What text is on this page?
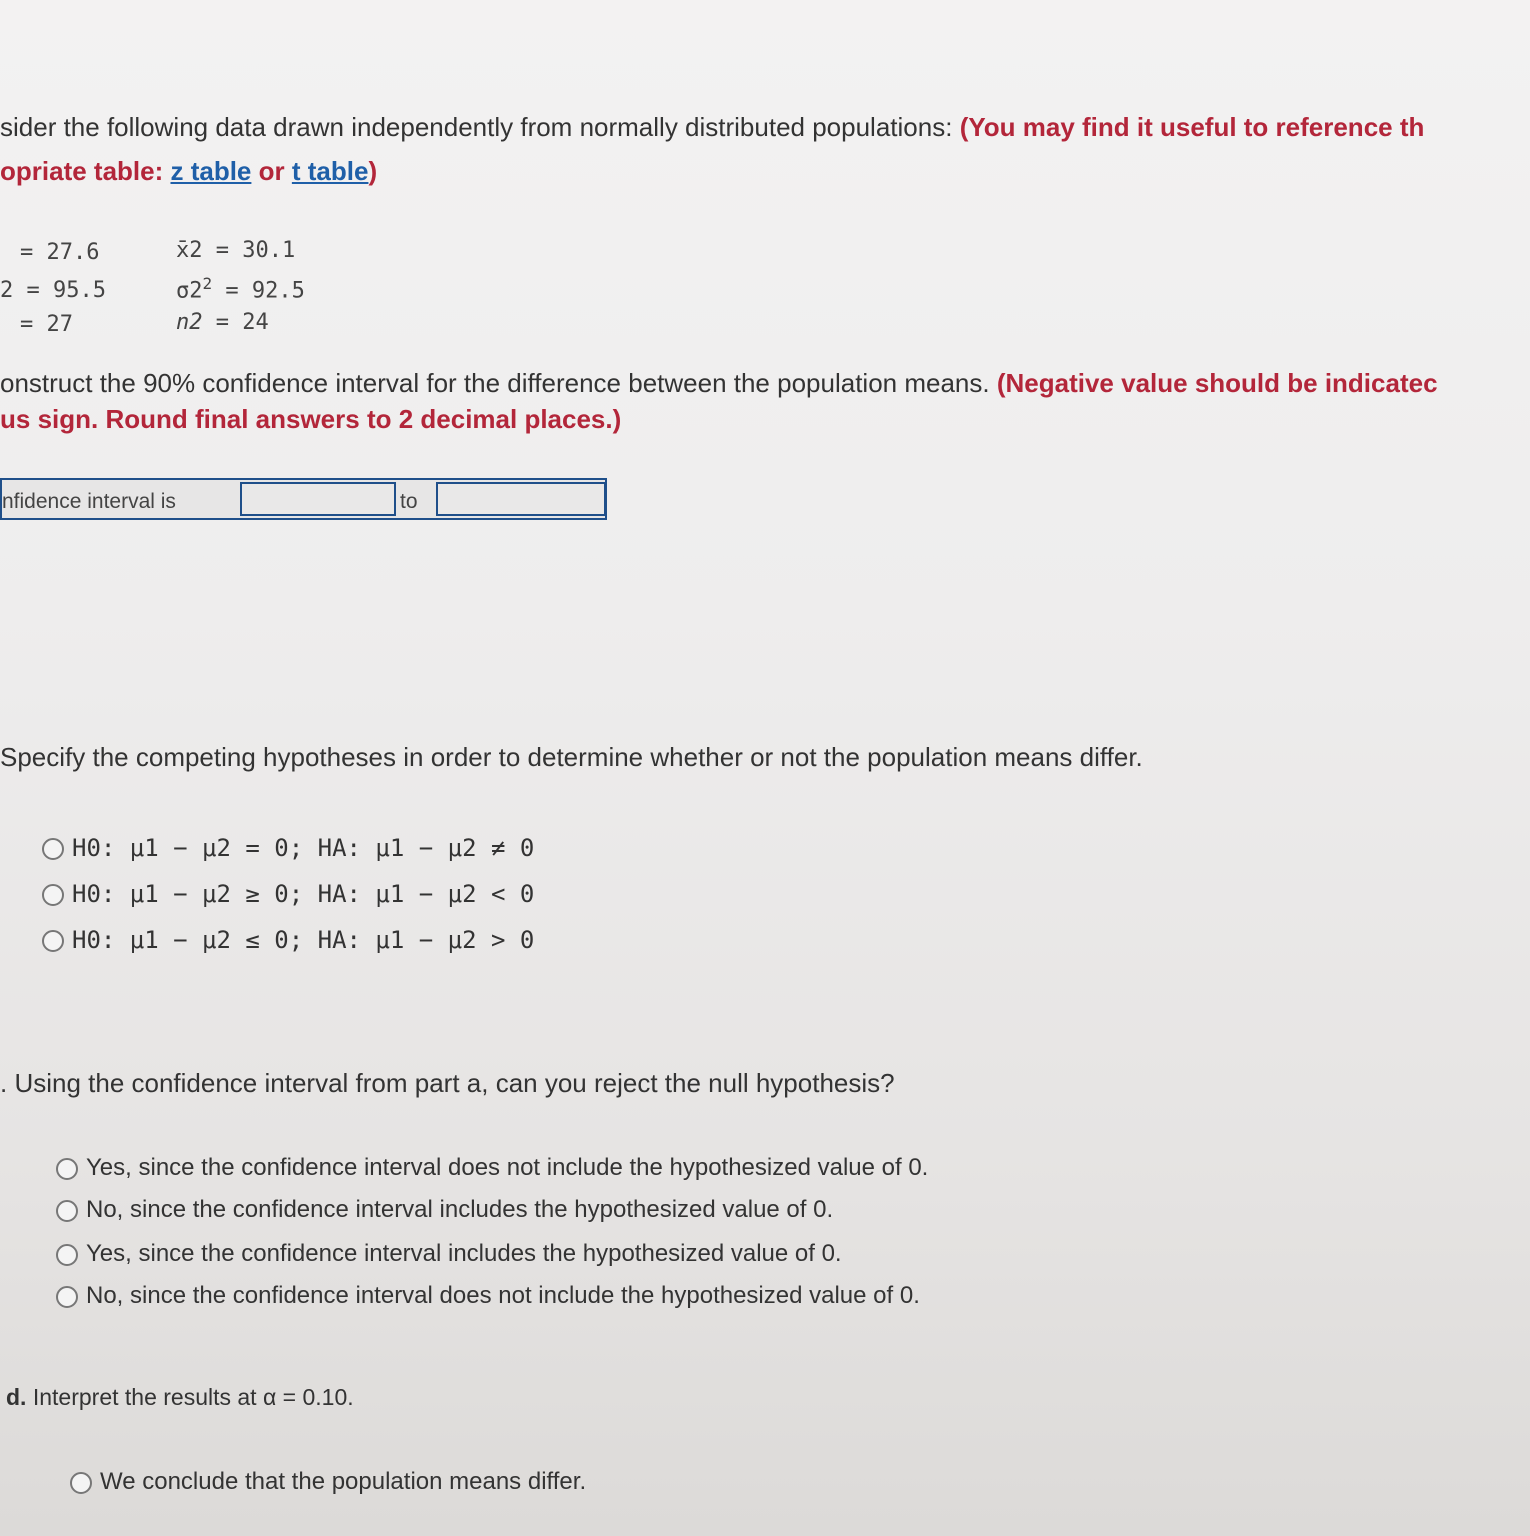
sider the following data drawn independently from normally distributed populations: (You may find it useful to reference th
opriate table: z table or t table)
= 27.6
2 = 95.5
= 27
x̄2 = 30.1
$\sigma 2^2 = 92.5$
n2 = 24
onstruct the 90% confidence interval for the difference between the population means. (Negative value should be indicatec
us sign. Round final answers to 2 decimal places.)
nfidence interval is	to
Specify the competing hypotheses in order to determine whether or not the population means differ.
H0: μ1 − μ2 = 0; HA: μ1 − μ2 ≠ 0
H0: μ1 − μ2 ≥ 0; HA: μ1 − μ2 < 0
H0: μ1 − μ2 ≤ 0; HA: μ1 − μ2 > 0
. Using the confidence interval from part a, can you reject the null hypothesis?
Yes, since the confidence interval does not include the hypothesized value of 0.
No, since the confidence interval includes the hypothesized value of 0.
Yes, since the confidence interval includes the hypothesized value of 0.
No, since the confidence interval does not include the hypothesized value of 0.
d. Interpret the results at α = 0.10.
We conclude that the population means differ.
